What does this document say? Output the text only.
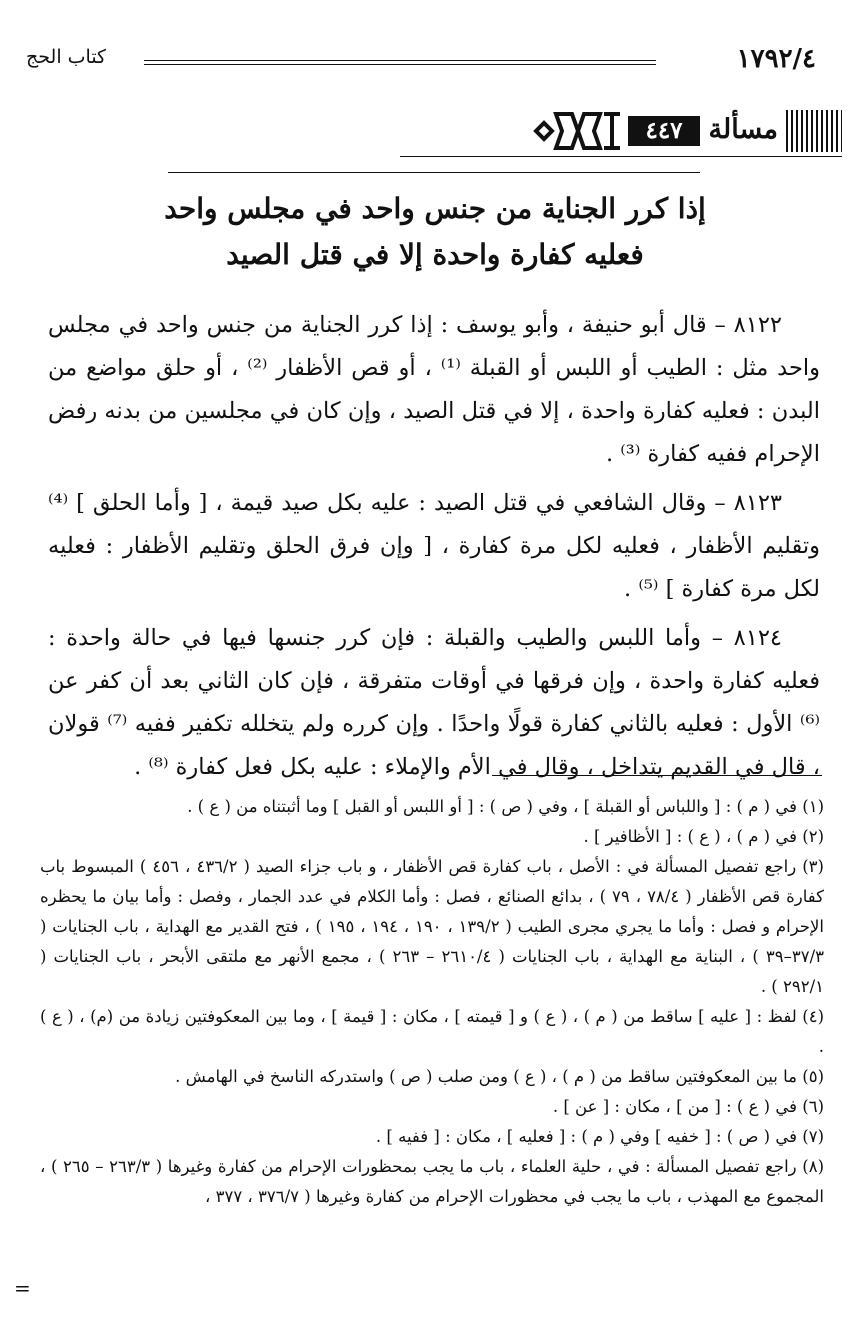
١٧٩٢/٤
كتاب الحج
مسألة
٤٤٧
إذا كرر الجناية من جنس واحد في مجلس واحد
فعليه كفارة واحدة إلا في قتل الصيد

٨١٢٢ – قال أبو حنيفة ، وأبو يوسف : إذا كرر الجناية من جنس واحد في مجلس واحد مثل : الطيب أو اللبس أو القبلة ⁽¹⁾ ، أو قص الأظفار ⁽²⁾ ، أو حلق مواضع من البدن : فعليه كفارة واحدة ، إلا في قتل الصيد ، وإن كان في مجلسين من بدنه رفض الإحرام ففيه كفارة ⁽³⁾ .

٨١٢٣ – وقال الشافعي في قتل الصيد : عليه بكل صيد قيمة ، [ وأما الحلق ] ⁽⁴⁾ وتقليم الأظفار ، فعليه لكل مرة كفارة ، [ وإن فرق الحلق وتقليم الأظفار : فعليه لكل مرة كفارة ] ⁽⁵⁾ .

٨١٢٤ – وأما اللبس والطيب والقبلة : فإن كرر جنسها فيها في حالة واحدة : فعليه كفارة واحدة ، وإن فرقها في أوقات متفرقة ، فإن كان الثاني بعد أن كفر عن ⁽⁶⁾ الأول : فعليه بالثاني كفارة قولًا واحدًا . وإن كرره ولم يتخلله تكفير ففيه ⁽⁷⁾ قولان ، قال في القديم يتداخل ، وقال في الأم والإملاء : عليه بكل فعل كفارة ⁽⁸⁾ .

(١) في ( م ) : [ واللباس أو القبلة ] ، وفي ( ص ) : [ أو اللبس أو القبل ] وما أثبتناه من ( ع ) .

(٢) في ( م ) ، ( ع ) : [ الأظافير ] .

(٣) راجع تفصيل المسألة في : الأصل ، باب كفارة قص الأظفار ، و باب جزاء الصيد ( ٤٣٦/٢ ، ٤٥٦ ) المبسوط باب كفارة قص الأظفار ( ٧٨/٤ ، ٧٩ ) ، بدائع الصنائع ، فصل : وأما الكلام في عدد الجمار ، وفصل : وأما بيان ما يحظره الإحرام و فصل : وأما ما يجري مجرى الطيب ( ١٣٩/٢ ، ١٩٠ ، ١٩٤ ، ١٩٥ ) ، فتح القدير مع الهداية ، باب الجنايات ( ٣٧/٣–٣٩ ) ، البناية مع الهداية ، باب الجنايات ( ٢٦١٠/٤ – ٢٦٣ ) ، مجمع الأنهر مع ملتقى الأبحر ، باب الجنايات ( ٢٩٢/١ ) .

(٤) لفظ : [ عليه ] ساقط من ( م ) ، ( ع ) و [ قيمته ] ، مكان : [ قيمة ] ، وما بين المعكوفتين زيادة من (م) ، ( ع ) .

(٥) ما بين المعكوفتين ساقط من ( م ) ، ( ع ) ومن صلب ( ص ) واستدركه الناسخ في الهامش .

(٦) في ( ع ) : [ من ] ، مكان : [ عن ] .

(٧) في ( ص ) : [ خفيه ] وفي ( م ) : [ فعليه ] ، مكان : [ ففيه ] .

(٨) راجع تفصيل المسألة : في ، حلية العلماء ، باب ما يجب بمحظورات الإحرام من كفارة وغيرها ( ٢٦٣/٣ – ٢٦٥ ) ، المجموع مع المهذب ، باب ما يجب في محظورات الإحرام من كفارة وغيرها ( ٣٧٦/٧ ، ٣٧٧ ،

=
